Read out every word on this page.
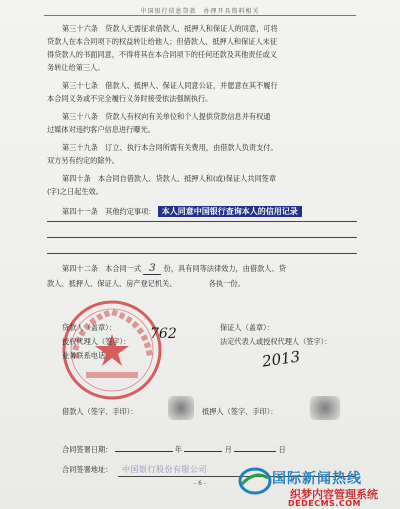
中国银行信息贷款　办理开具资料相关
第三十六条　贷款人无需征求借款人、抵押人和保证人的同意，可将
贷款人在本合同项下的权益转让给他人；但借款人、抵押人和保证人未征
得贷款人的书面同意，不得将其在本合同项下的任何还款及其他责任或义
务转让给第三人。
第三十七条　借款人、抵押人、保证人同意公证，并愿意在其不履行
本合同义务或不完全履行义务时接受依法强制执行。
第三十八条　贷款人有权向有关单位和个人提供贷款信息并有权通
过媒体对违约客户信息进行曝光。
第三十九条　订立、执行本合同所需有关费用，由借款人负责支付。
双方另有约定的除外。
第四十条　本合同自借款人、贷款人、抵押人和(或)保证人共同签章
(字)之日起生效。
第四十一条　其他约定事项： 本人同意中国银行查询本人的信用记录
第四十二条　本合同一式 3 份，具有同等法律效力，由借款人、贷
款人、抵押人、保证人、房产登记机关、　　　　　各执一份。
贷款人（盖章）：
授权代理人（签字）：	762
业务联系电话：
保证人（盖章）：
法定代表人或授权代理人（签字）：
2013
借款人（签字、手印）：	抵押人（签字、手印）：
合同签署日期：	年	月	日
合同签署地址：	中国银行股份有限公司
- 6 -	国际新闻热线
织梦内容管理系统
DEDECMS.COM
